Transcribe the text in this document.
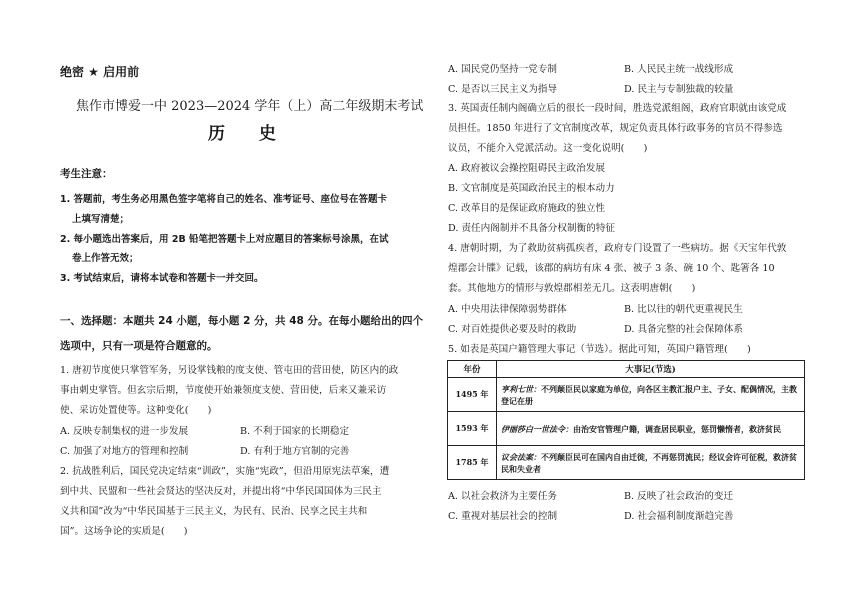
绝密 ★ 启用前
焦作市博爱一中 2023—2024 学年（上）高二年级期末考试
历 史
考生注意：
1. 答题前，考生务必用黑色签字笔将自己的姓名、准考证号、座位号在答题卡
上填写清楚；
2. 每小题选出答案后，用 2B 铅笔把答题卡上对应题目的答案标号涂黑，在试
卷上作答无效；
3. 考试结束后，请将本试卷和答题卡一并交回。
一、选择题：本题共 24 小题，每小题 2 分，共 48 分。在每小题给出的四个
选项中，只有一项是符合题意的。
1. 唐初节度使只掌管军务，另设掌钱粮的度支使、管屯田的营田使，防区内的政
事由刺史掌管。但玄宗后期，节度使开始兼领度支使、营田使，后来又兼采访
使、采访处置使等。这种变化(　　)
A. 反映专制集权的进一步发展	B. 不利于国家的长期稳定
C. 加强了对地方的管理和控制	D. 有利于地方官制的完善
2. 抗战胜利后，国民党决定结束“训政”，实施“宪政”，但沿用原宪法草案，遭
到中共、民盟和一些社会贤达的坚决反对，并提出将“中华民国国体为三民主
义共和国”改为“中华民国基于三民主义，为民有、民治、民享之民主共和
国”。这场争论的实质是(　　)
A. 国民党仍坚持一党专制	B. 人民民主统一战线形成
C. 是否以三民主义为指导	D. 民主与专制独裁的较量
3. 英国责任制内阁确立后的很长一段时间，胜选党派组阁，政府官职就由该党成
员担任。1850 年进行了文官制度改革，规定负责具体行政事务的官员不得参选
议员，不能介入党派活动。这一变化说明(　　)
A. 政府被议会操控阻碍民主政治发展
B. 文官制度是英国政治民主的根本动力
C. 改革目的是保证政府施政的独立性
D. 责任内阁制并不具备分权制衡的特征
4. 唐朝时期，为了救助贫病孤疾者，政府专门设置了一些病坊。据《天宝年代敦
煌郡会计牒》记载，该郡的病坊有床 4 张、被子 3 条、碗 10 个、匙箸各 10
套。其他地方的情形与敦煌郡相差无几。这表明唐朝(　　)
A. 中央用法律保障弱势群体	B. 比以往的朝代更重视民生
C. 对百姓提供必要及时的救助	D. 具备完整的社会保障体系
5. 如表是英国户籍管理大事记（节选）。据此可知，英国户籍管理(　　)
年份	大事记(节选)
1495 年	亨利七世：不列颠臣民以家庭为单位，向各区主教汇报户主、子女、配偶情况，主教登记在册
1593 年	伊丽莎白一世法令：由治安官管理户籍，调查居民职业，惩罚懒惰者，救济贫民
1785 年	议会法案：不列颠臣民可在国内自由迁徙，不再惩罚流民；经议会许可征税，救济贫民和失业者
A. 以社会救济为主要任务	B. 反映了社会政治的变迁
C. 重视对基层社会的控制	D. 社会福利制度渐趋完善
